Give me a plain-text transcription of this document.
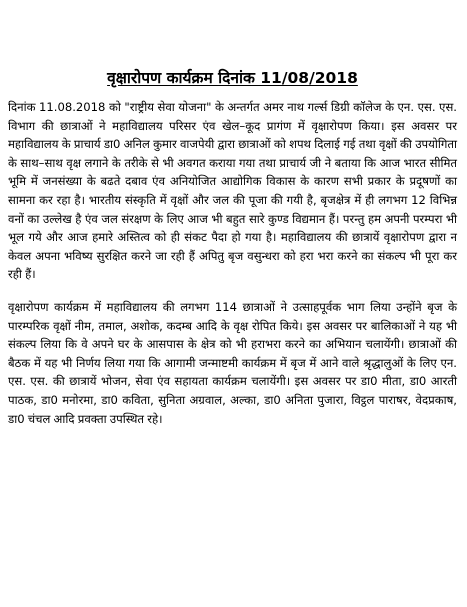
वृक्षारोपण कार्यक्रम दिनांक 11/08/2018

दिनांक 11.08.2018 को "राष्ट्रीय सेवा योजना" के अन्तर्गत अमर नाथ गर्ल्स डिग्री कॉलेज के एन. एस. एस. विभाग की छात्राओं ने महाविद्यालय परिसर एंव खेल–कूद प्रागंण में वृक्षारोपण किया। इस अवसर पर महाविद्यालय के प्राचार्य डा0 अनिल कुमार वाजपेयी द्वारा छात्राओं को शपथ दिलाई गई तथा वृक्षों की उपयोगिता के साथ–साथ वृक्ष लगाने के तरीके से भी अवगत कराया गया तथा प्राचार्य जी ने बताया कि आज भारत सीमित भूमि में जनसंख्या के बढते दबाव एंव अनियोजित आद्योगिक विकास के कारण सभी प्रकार के प्रदूषणों का सामना कर रहा है। भारतीय संस्कृति में वृक्षों और जल की पूजा की गयी है, बृजक्षेत्र में ही लगभग 12 विभिन्न वनों का उल्लेख है एंव जल संरक्षण के लिए आज भी बहुत सारे कुण्ड विद्यमान हैं। परन्तु हम अपनी परम्परा भी भूल गये और आज हमारे अस्तित्व को ही संकट पैदा हो गया है। महाविद्यालय की छात्रायें वृक्षारोपण द्वारा न केवल अपना भविष्य सुरक्षित करने जा रही हैं अपितु बृज वसुन्धरा को हरा भरा करने का संकल्प भी पूरा कर रही हैं।

वृक्षारोपण कार्यक्रम में महाविद्यालय की लगभग 114 छात्राओं ने उत्साहपूर्वक भाग लिया उन्होंने बृज के पारम्परिक वृक्षों नीम, तमाल, अशोक, कदम्ब आदि के वृक्ष रोपित किये। इस अवसर पर बालिकाओं ने यह भी संकल्प लिया कि वे अपने घर के आसपास के क्षेत्र को भी हराभरा करने का अभियान चलायेंगी। छात्राओं की बैठक में यह भी निर्णय लिया गया कि आगामी जन्माष्टमी कार्यक्रम में बृज में आने वाले श्रृद्धालुओं के लिए एन. एस. एस. की छात्रायें भोजन, सेवा एंव सहायता कार्यक्रम चलायेंगी। इस अवसर पर डा0 मीता, डा0 आरती पाठक, डा0 मनोरमा, डा0 कविता, सुनिता अग्रवाल, अल्का, डा0 अनिता पुजारा, विट्ठल पाराषर, वेदप्रकाष, डा0 चंचल आदि प्रवक्ता उपस्थित रहे।
